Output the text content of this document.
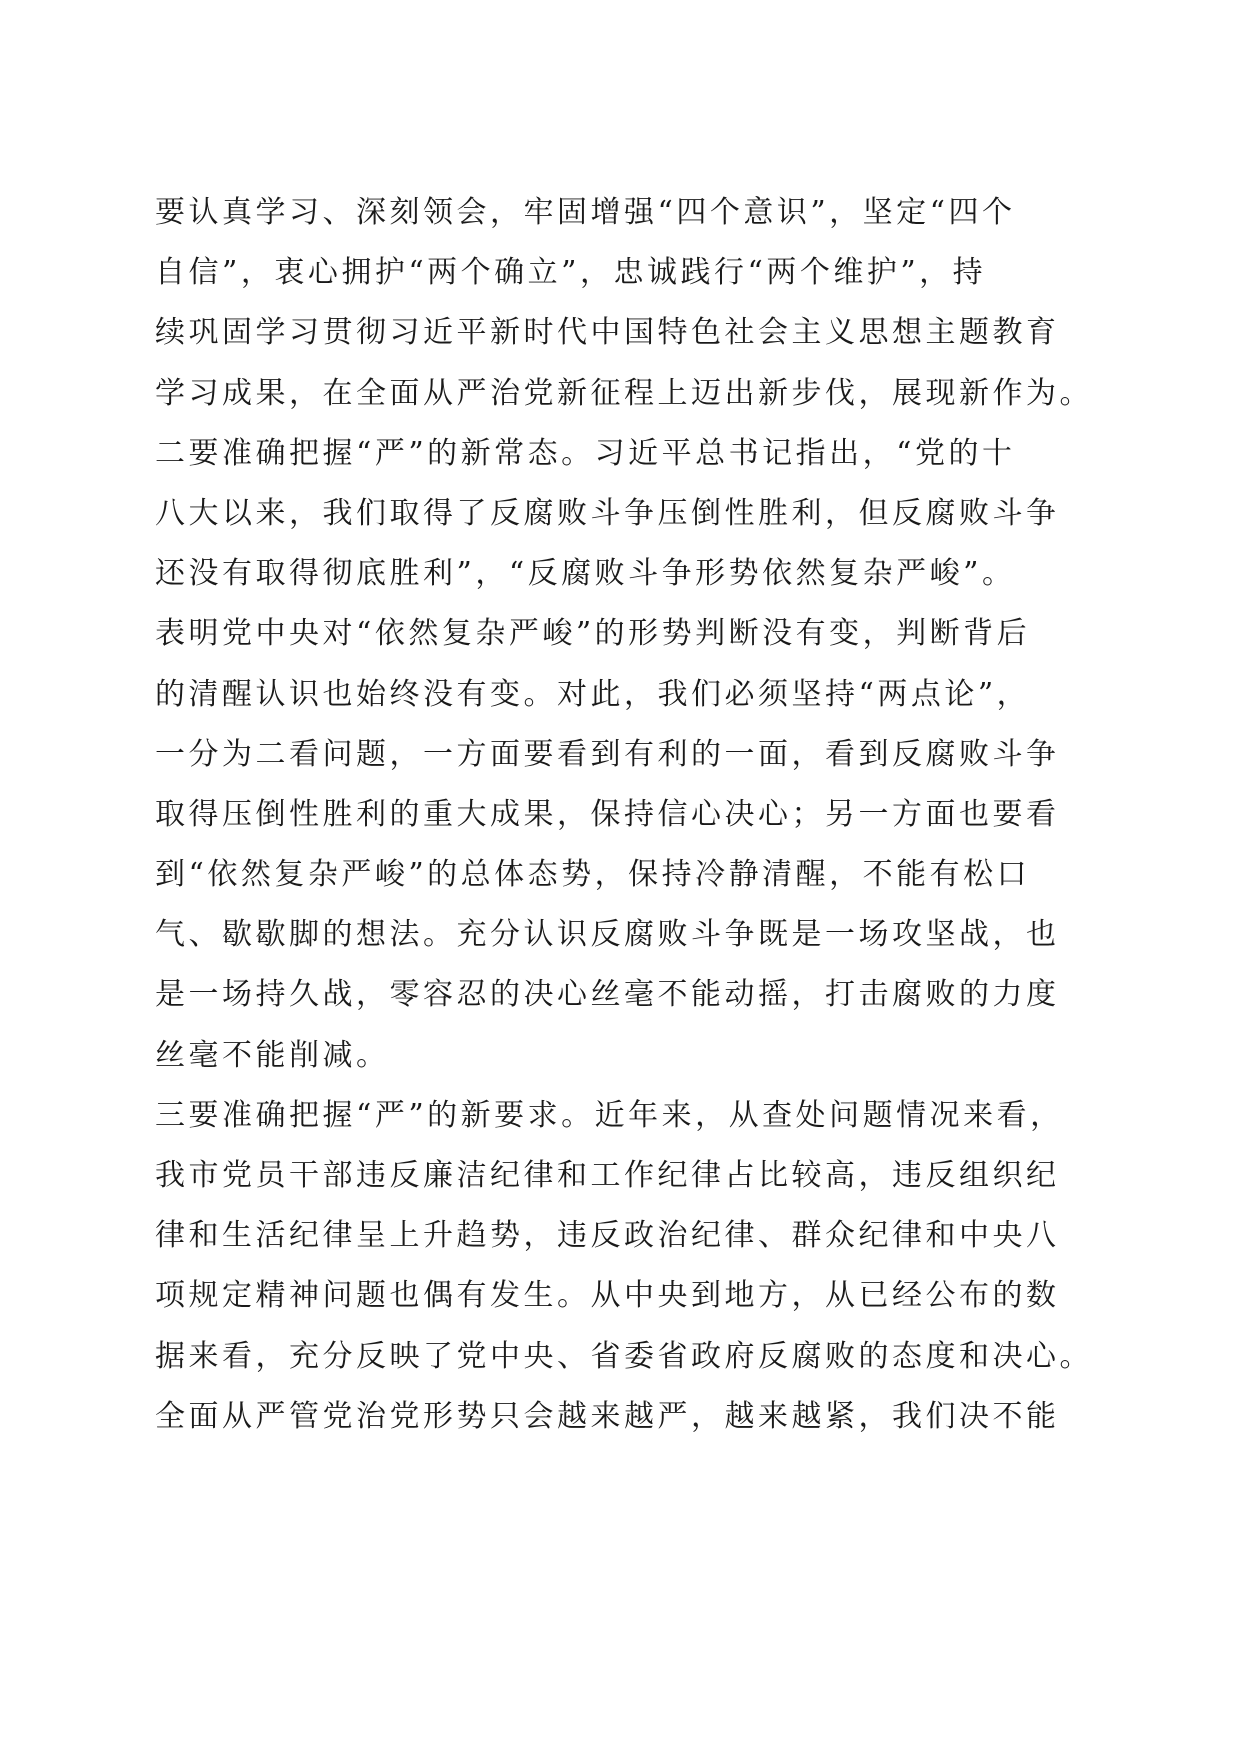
要认真学习、深刻领会，牢固增强“四个意识”，坚定“四个
自信”，衷心拥护“两个确立”，忠诚践行“两个维护”，持
续巩固学习贯彻习近平新时代中国特色社会主义思想主题教育
学习成果，在全面从严治党新征程上迈出新步伐，展现新作为。
二要准确把握“严”的新常态。习近平总书记指出，“党的十
八大以来，我们取得了反腐败斗争压倒性胜利，但反腐败斗争
还没有取得彻底胜利”，“反腐败斗争形势依然复杂严峻”。
表明党中央对“依然复杂严峻”的形势判断没有变，判断背后
的清醒认识也始终没有变。对此，我们必须坚持“两点论”，
一分为二看问题，一方面要看到有利的一面，看到反腐败斗争
取得压倒性胜利的重大成果，保持信心决心；另一方面也要看
到“依然复杂严峻”的总体态势，保持冷静清醒，不能有松口
气、歇歇脚的想法。充分认识反腐败斗争既是一场攻坚战，也
是一场持久战，零容忍的决心丝毫不能动摇，打击腐败的力度
丝毫不能削减。
三要准确把握“严”的新要求。近年来，从查处问题情况来看，
我市党员干部违反廉洁纪律和工作纪律占比较高，违反组织纪
律和生活纪律呈上升趋势，违反政治纪律、群众纪律和中央八
项规定精神问题也偶有发生。从中央到地方，从已经公布的数
据来看，充分反映了党中央、省委省政府反腐败的态度和决心。
全面从严管党治党形势只会越来越严，越来越紧，我们决不能
